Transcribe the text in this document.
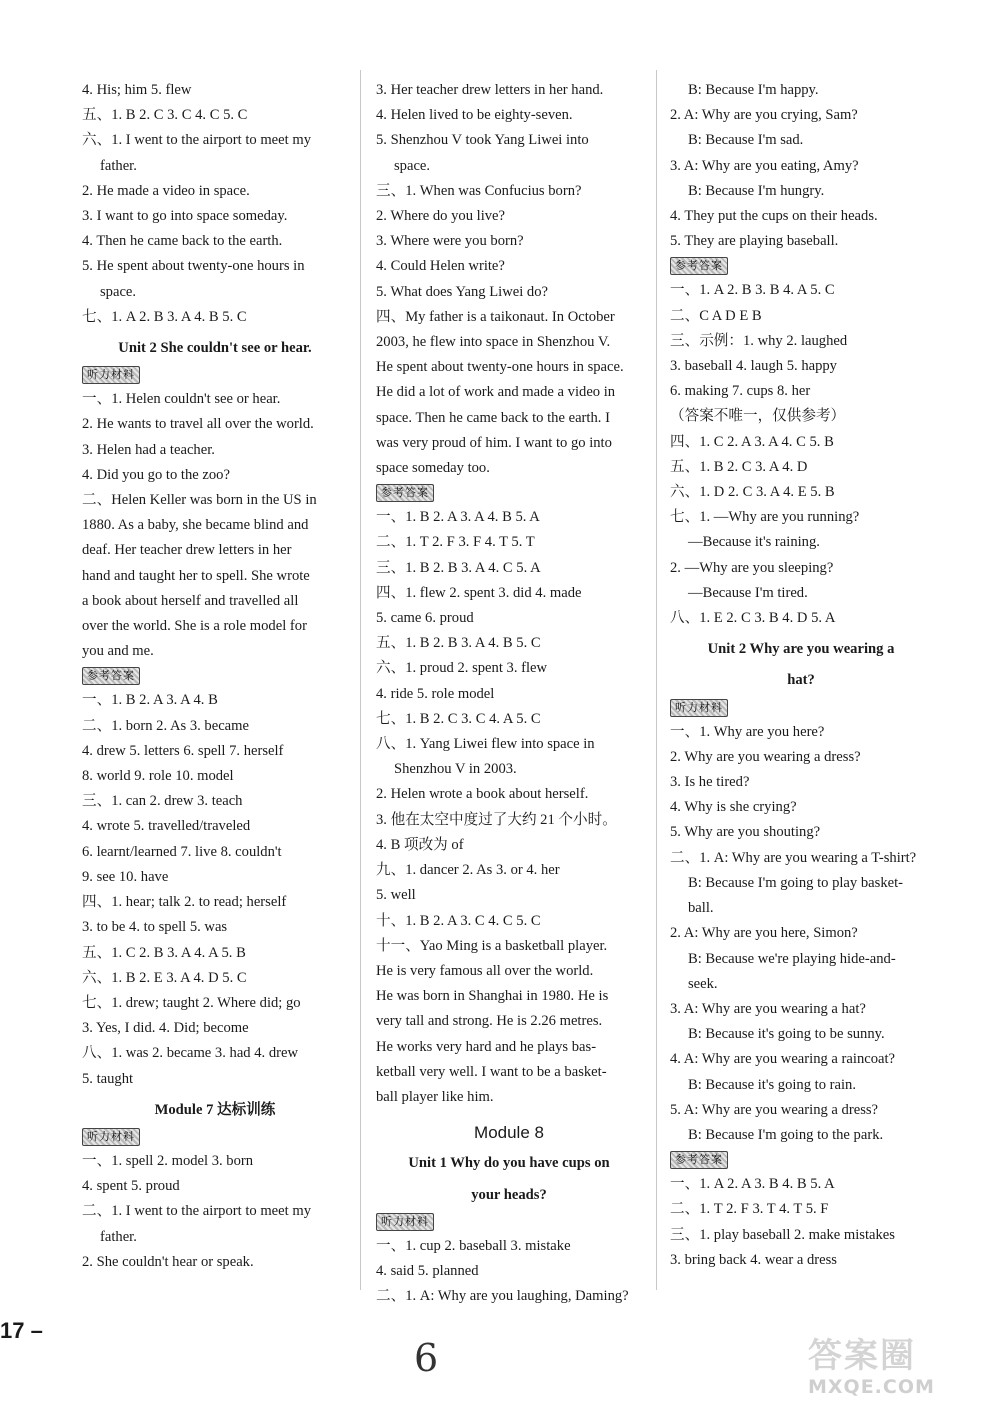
4. His; him 5. flew
五、1. B 2. C 3. C 4. C 5. C
六、1. I went to the airport to meet my
father.
2. He made a video in space.
3. I want to go into space someday.
4. Then he came back to the earth.
5. He spent about twenty-one hours in
space.
七、1. A 2. B 3. A 4. B 5. C
Unit 2 She couldn't see or hear.
听力材料
一、1. Helen couldn't see or hear.
2. He wants to travel all over the world.
3. Helen had a teacher.
4. Did you go to the zoo?
二、Helen Keller was born in the US in
1880. As a baby, she became blind and
deaf. Her teacher drew letters in her
hand and taught her to spell. She wrote
a book about herself and travelled all
over the world. She is a role model for
you and me.
参考答案
一、1. B 2. A 3. A 4. B
二、1. born 2. As 3. became
4. drew 5. letters 6. spell 7. herself
8. world 9. role 10. model
三、1. can 2. drew 3. teach
4. wrote 5. travelled/traveled
6. learnt/learned 7. live 8. couldn't
9. see 10. have
四、1. hear; talk 2. to read; herself
3. to be 4. to spell 5. was
五、1. C 2. B 3. A 4. A 5. B
六、1. B 2. E 3. A 4. D 5. C
七、1. drew; taught 2. Where did; go
3. Yes, I did. 4. Did; become
八、1. was 2. became 3. had 4. drew
5. taught
Module 7 达标训练
听力材料
一、1. spell 2. model 3. born
4. spent 5. proud
二、1. I went to the airport to meet my
father.
2. She couldn't hear or speak.
3. Her teacher drew letters in her hand.
4. Helen lived to be eighty-seven.
5. Shenzhou V took Yang Liwei into
space.
三、1. When was Confucius born?
2. Where do you live?
3. Where were you born?
4. Could Helen write?
5. What does Yang Liwei do?
四、My father is a taikonaut. In October
2003, he flew into space in Shenzhou V.
He spent about twenty-one hours in space.
He did a lot of work and made a video in
space. Then he came back to the earth. I
was very proud of him. I want to go into
space someday too.
参考答案
一、1. B 2. A 3. A 4. B 5. A
二、1. T 2. F 3. F 4. T 5. T
三、1. B 2. B 3. A 4. C 5. A
四、1. flew 2. spent 3. did 4. made
5. came 6. proud
五、1. B 2. B 3. A 4. B 5. C
六、1. proud 2. spent 3. flew
4. ride 5. role model
七、1. B 2. C 3. C 4. A 5. C
八、1. Yang Liwei flew into space in
Shenzhou V in 2003.
2. Helen wrote a book about herself.
3. 他在太空中度过了大约 21 个小时。
4. B 项改为 of
九、1. dancer 2. As 3. or 4. her
5. well
十、1. B 2. A 3. C 4. C 5. C
十一、Yao Ming is a basketball player.
He is very famous all over the world.
He was born in Shanghai in 1980. He is
very tall and strong. He is 2.26 metres.
He works very hard and he plays bas-
ketball very well. I want to be a basket-
ball player like him.
Module 8
Unit 1 Why do you have cups on
your heads?
听力材料
一、1. cup 2. baseball 3. mistake
4. said 5. planned
二、1. A: Why are you laughing, Daming?
B: Because I'm happy.
2. A: Why are you crying, Sam?
B: Because I'm sad.
3. A: Why are you eating, Amy?
B: Because I'm hungry.
4. They put the cups on their heads.
5. They are playing baseball.
参考答案
一、1. A 2. B 3. B 4. A 5. C
二、C A D E B
三、示例：1. why 2. laughed
3. baseball 4. laugh 5. happy
6. making 7. cups 8. her
（答案不唯一，仅供参考）
四、1. C 2. A 3. A 4. C 5. B
五、1. B 2. C 3. A 4. D
六、1. D 2. C 3. A 4. E 5. B
七、1. —Why are you running?
—Because it's raining.
2. —Why are you sleeping?
—Because I'm tired.
八、1. E 2. C 3. B 4. D 5. A
Unit 2 Why are you wearing a
hat?
听力材料
一、1. Why are you here?
2. Why are you wearing a dress?
3. Is he tired?
4. Why is she crying?
5. Why are you shouting?
二、1. A: Why are you wearing a T-shirt?
B: Because I'm going to play basket-
ball.
2. A: Why are you here, Simon?
B: Because we're playing hide-and-
seek.
3. A: Why are you wearing a hat?
B: Because it's going to be sunny.
4. A: Why are you wearing a raincoat?
B: Because it's going to rain.
5. A: Why are you wearing a dress?
B: Because I'm going to the park.
参考答案
一、1. A 2. A 3. B 4. B 5. A
二、1. T 2. F 3. T 4. T 5. F
三、1. play baseball 2. make mistakes
3. bring back 4. wear a dress
17 –
6	答案圈
MXQE.COM
